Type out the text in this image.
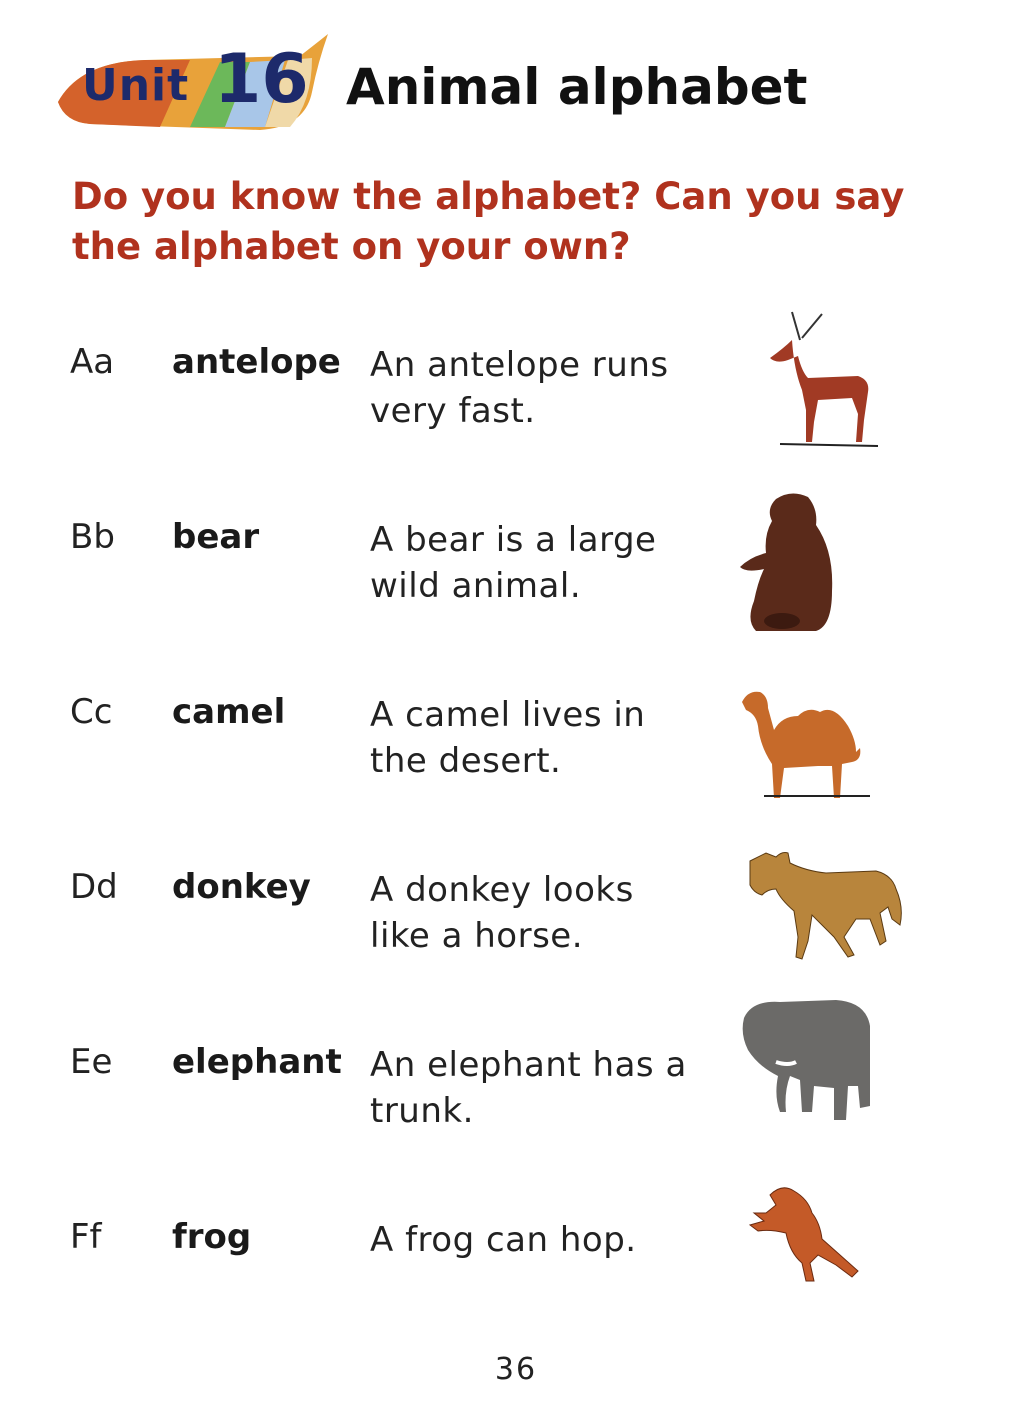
Unit 16 Animal alphabet
Do you know the alphabet? Can you say the alphabet on your own?
Aa antelope An antelope runs very fast.
Bb bear	A bear is a large wild animal.
Cc camel A camel lives in the desert.
Dd donkey A donkey looks like a horse.
Ee elephant An elephant has a trunk.
Ff frog	A frog can hop.
36
